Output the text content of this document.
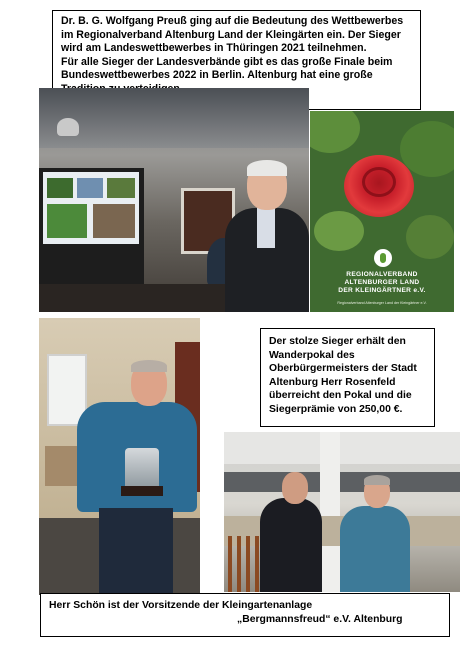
Dr. B. G. Wolfgang Preuß ging auf die Bedeutung des Wettbewerbes
im Regionalverband Altenburg Land der Kleingärten ein. Der Sieger
wird am Landeswettbewerbes in Thüringen 2021 teilnehmen.
Für alle Sieger der Landesverbände gibt es das große Finale beim
Bundeswettbewerbes 2022 in Berlin. Altenburg hat eine große
REGIONALVERBAND
ALTENBURGER LAND
DER KLEINGÄRTNER e.V.
Regionalverband Altenburger Land der Kleingärtner e.V.
Der stolze Sieger erhält den
Wanderpokal des
Oberbürgermeisters der Stadt
Altenburg Herr Rosenfeld
überreicht den Pokal und die
Siegerprämie von 250,00 €.
Herr Schön ist der Vorsitzende der Kleingartenanlage
„Bergmannsfreud“ e.V. Altenburg
